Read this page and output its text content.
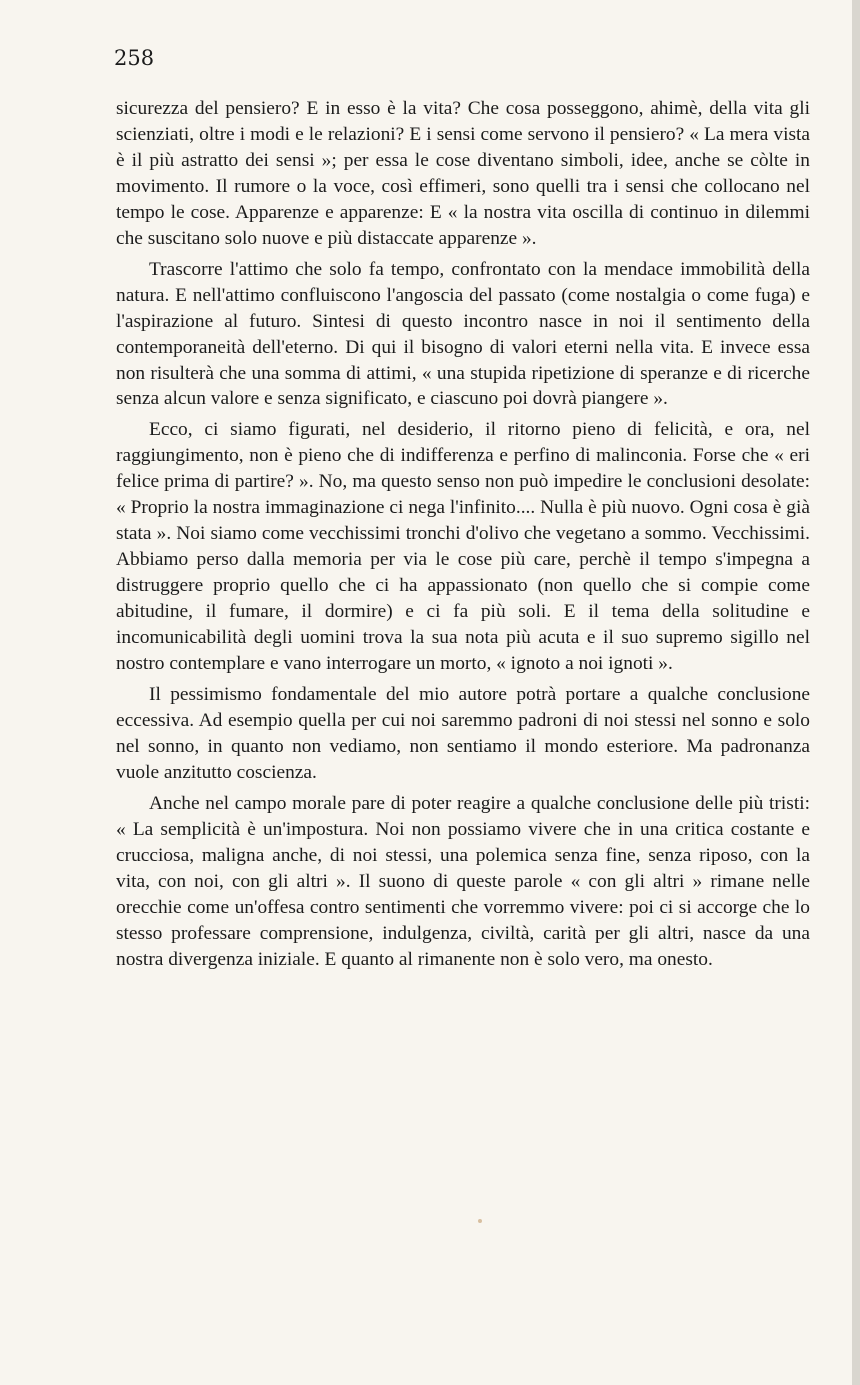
258

sicurezza del pensiero? E in esso è la vita? Che cosa posseggono, ahimè, della vita gli scienziati, oltre i modi e le relazioni? E i sensi come servono il pensiero? « La mera vista è il più astratto dei sensi »; per essa le cose diventano simboli, idee, anche se còlte in movimento. Il rumore o la voce, così effimeri, sono quelli tra i sensi che collocano nel tempo le cose. Apparenze e apparenze: E « la nostra vita oscilla di continuo in dilemmi che suscitano solo nuove e più distaccate apparenze ».

Trascorre l'attimo che solo fa tempo, confrontato con la mendace immobilità della natura. E nell'attimo confluiscono l'angoscia del passato (come nostalgia o come fuga) e l'aspirazione al futuro. Sintesi di questo incontro nasce in noi il sentimento della contemporaneità dell'eterno. Di qui il bisogno di valori eterni nella vita. E invece essa non risulterà che una somma di attimi, « una stupida ripetizione di speranze e di ricerche senza alcun valore e senza significato, e ciascuno poi dovrà piangere ».

Ecco, ci siamo figurati, nel desiderio, il ritorno pieno di felicità, e ora, nel raggiungimento, non è pieno che di indifferenza e perfino di malinconia. Forse che « eri felice prima di partire? ». No, ma questo senso non può impedire le conclusioni desolate: « Proprio la nostra immaginazione ci nega l'infinito.... Nulla è più nuovo. Ogni cosa è già stata ». Noi siamo come vecchissimi tronchi d'olivo che vegetano a sommo. Vecchissimi. Abbiamo perso dalla memoria per via le cose più care, perchè il tempo s'impegna a distruggere proprio quello che ci ha appassionato (non quello che si compie come abitudine, il fumare, il dormire) e ci fa più soli. E il tema della solitudine e incomunicabilità degli uomini trova la sua nota più acuta e il suo supremo sigillo nel nostro contemplare e vano interrogare un morto, « ignoto a noi ignoti ».

Il pessimismo fondamentale del mio autore potrà portare a qualche conclusione eccessiva. Ad esempio quella per cui noi saremmo padroni di noi stessi nel sonno e solo nel sonno, in quanto non vediamo, non sentiamo il mondo esteriore. Ma padronanza vuole anzitutto coscienza.

Anche nel campo morale pare di poter reagire a qualche conclusione delle più tristi: « La semplicità è un'impostura. Noi non possiamo vivere che in una critica costante e crucciosa, maligna anche, di noi stessi, una polemica senza fine, senza riposo, con la vita, con noi, con gli altri ». Il suono di queste parole « con gli altri » rimane nelle orecchie come un'offesa contro sentimenti che vorremmo vivere: poi ci si accorge che lo stesso professare comprensione, indulgenza, civiltà, carità per gli altri, nasce da una nostra divergenza iniziale. E quanto al rimanente non è solo vero, ma onesto.
